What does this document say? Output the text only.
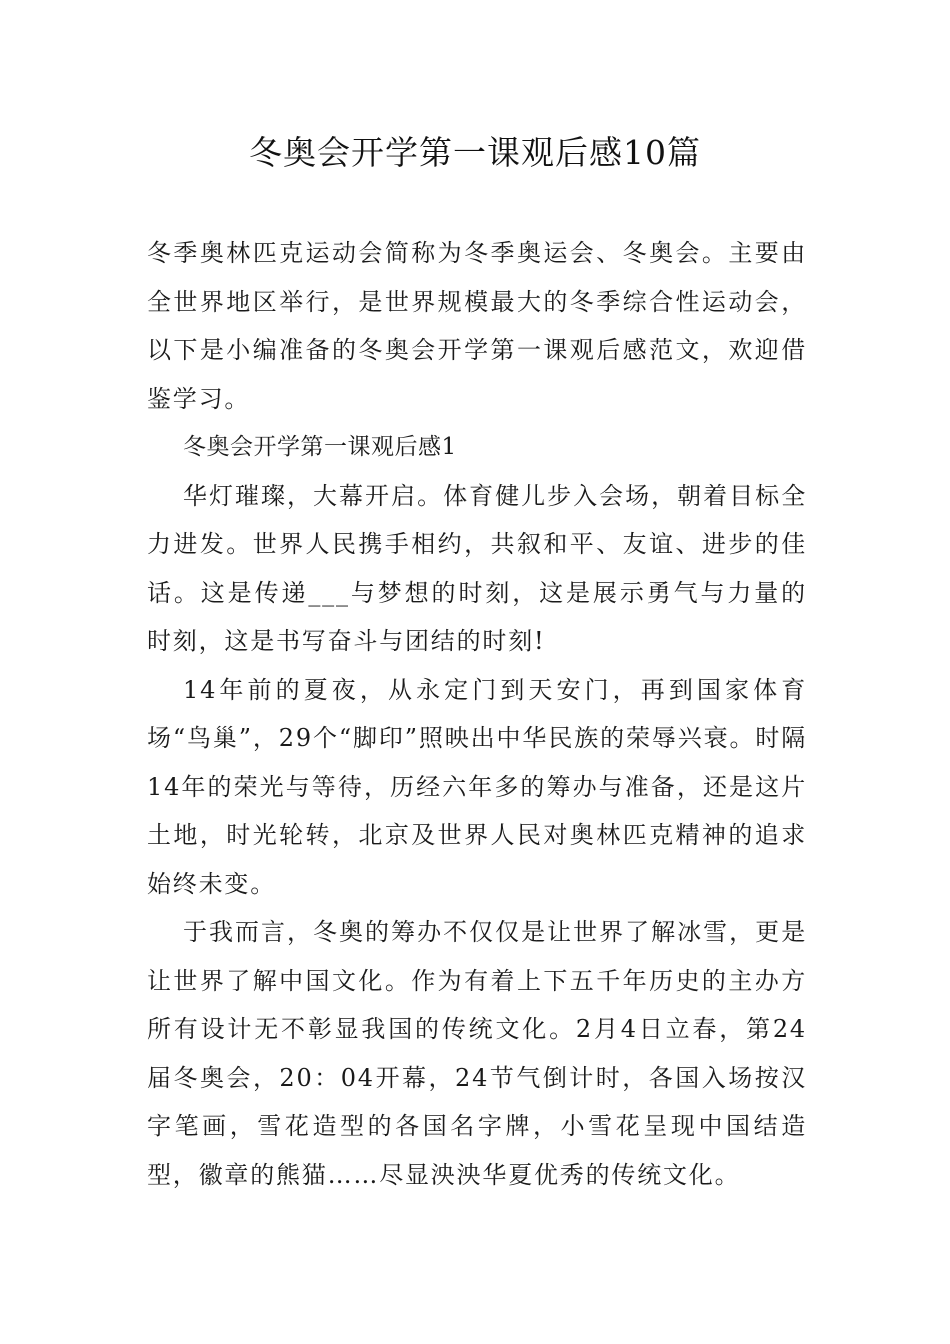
冬奥会开学第一课观后感10篇

冬季奥林匹克运动会简称为冬季奥运会、冬奥会。主要由全世界地区举行，是世界规模最大的冬季综合性运动会，以下是小编准备的冬奥会开学第一课观后感范文，欢迎借鉴学习。

冬奥会开学第一课观后感1

华灯璀璨，大幕开启。体育健儿步入会场，朝着目标全力进发。世界人民携手相约，共叙和平、友谊、进步的佳话。这是传递___与梦想的时刻，这是展示勇气与力量的时刻，这是书写奋斗与团结的时刻!

14年前的夏夜，从永定门到天安门，再到国家体育场“鸟巢”，29个“脚印”照映出中华民族的荣辱兴衰。时隔14年的荣光与等待，历经六年多的筹办与准备，还是这片土地，时光轮转，北京及世界人民对奥林匹克精神的追求始终未变。

于我而言，冬奥的筹办不仅仅是让世界了解冰雪，更是让世界了解中国文化。作为有着上下五千年历史的主办方所有设计无不彰显我国的传统文化。2月4日立春，第24届冬奥会，20：04开幕，24节气倒计时，各国入场按汉字笔画，雪花造型的各国名字牌，小雪花呈现中国结造型，徽章的熊猫……尽显泱泱华夏优秀的传统文化。
